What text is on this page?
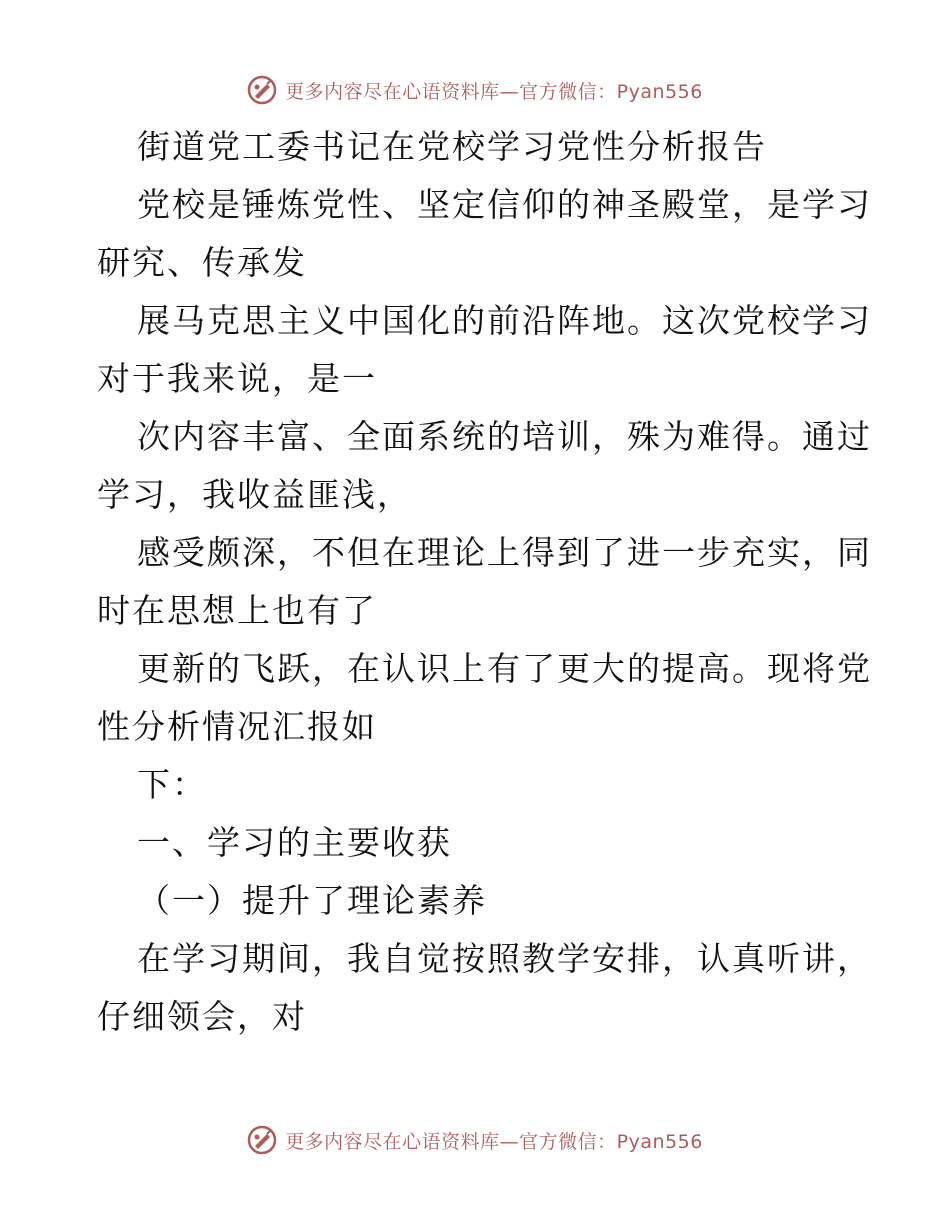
更多内容尽在心语资料库—官方微信：Pyan556
街道党工委书记在党校学习党性分析报告
党校是锤炼党性、坚定信仰的神圣殿堂，是学习
研究、传承发
展马克思主义中国化的前沿阵地。这次党校学习
对于我来说，是一
次内容丰富、全面系统的培训，殊为难得。通过
学习，我收益匪浅，
感受颇深，不但在理论上得到了进一步充实，同
时在思想上也有了
更新的飞跃，在认识上有了更大的提高。现将党
性分析情况汇报如
下：
一、学习的主要收获
（一）提升了理论素养
在学习期间，我自觉按照教学安排，认真听讲，
仔细领会，对
更多内容尽在心语资料库—官方微信：Pyan556
